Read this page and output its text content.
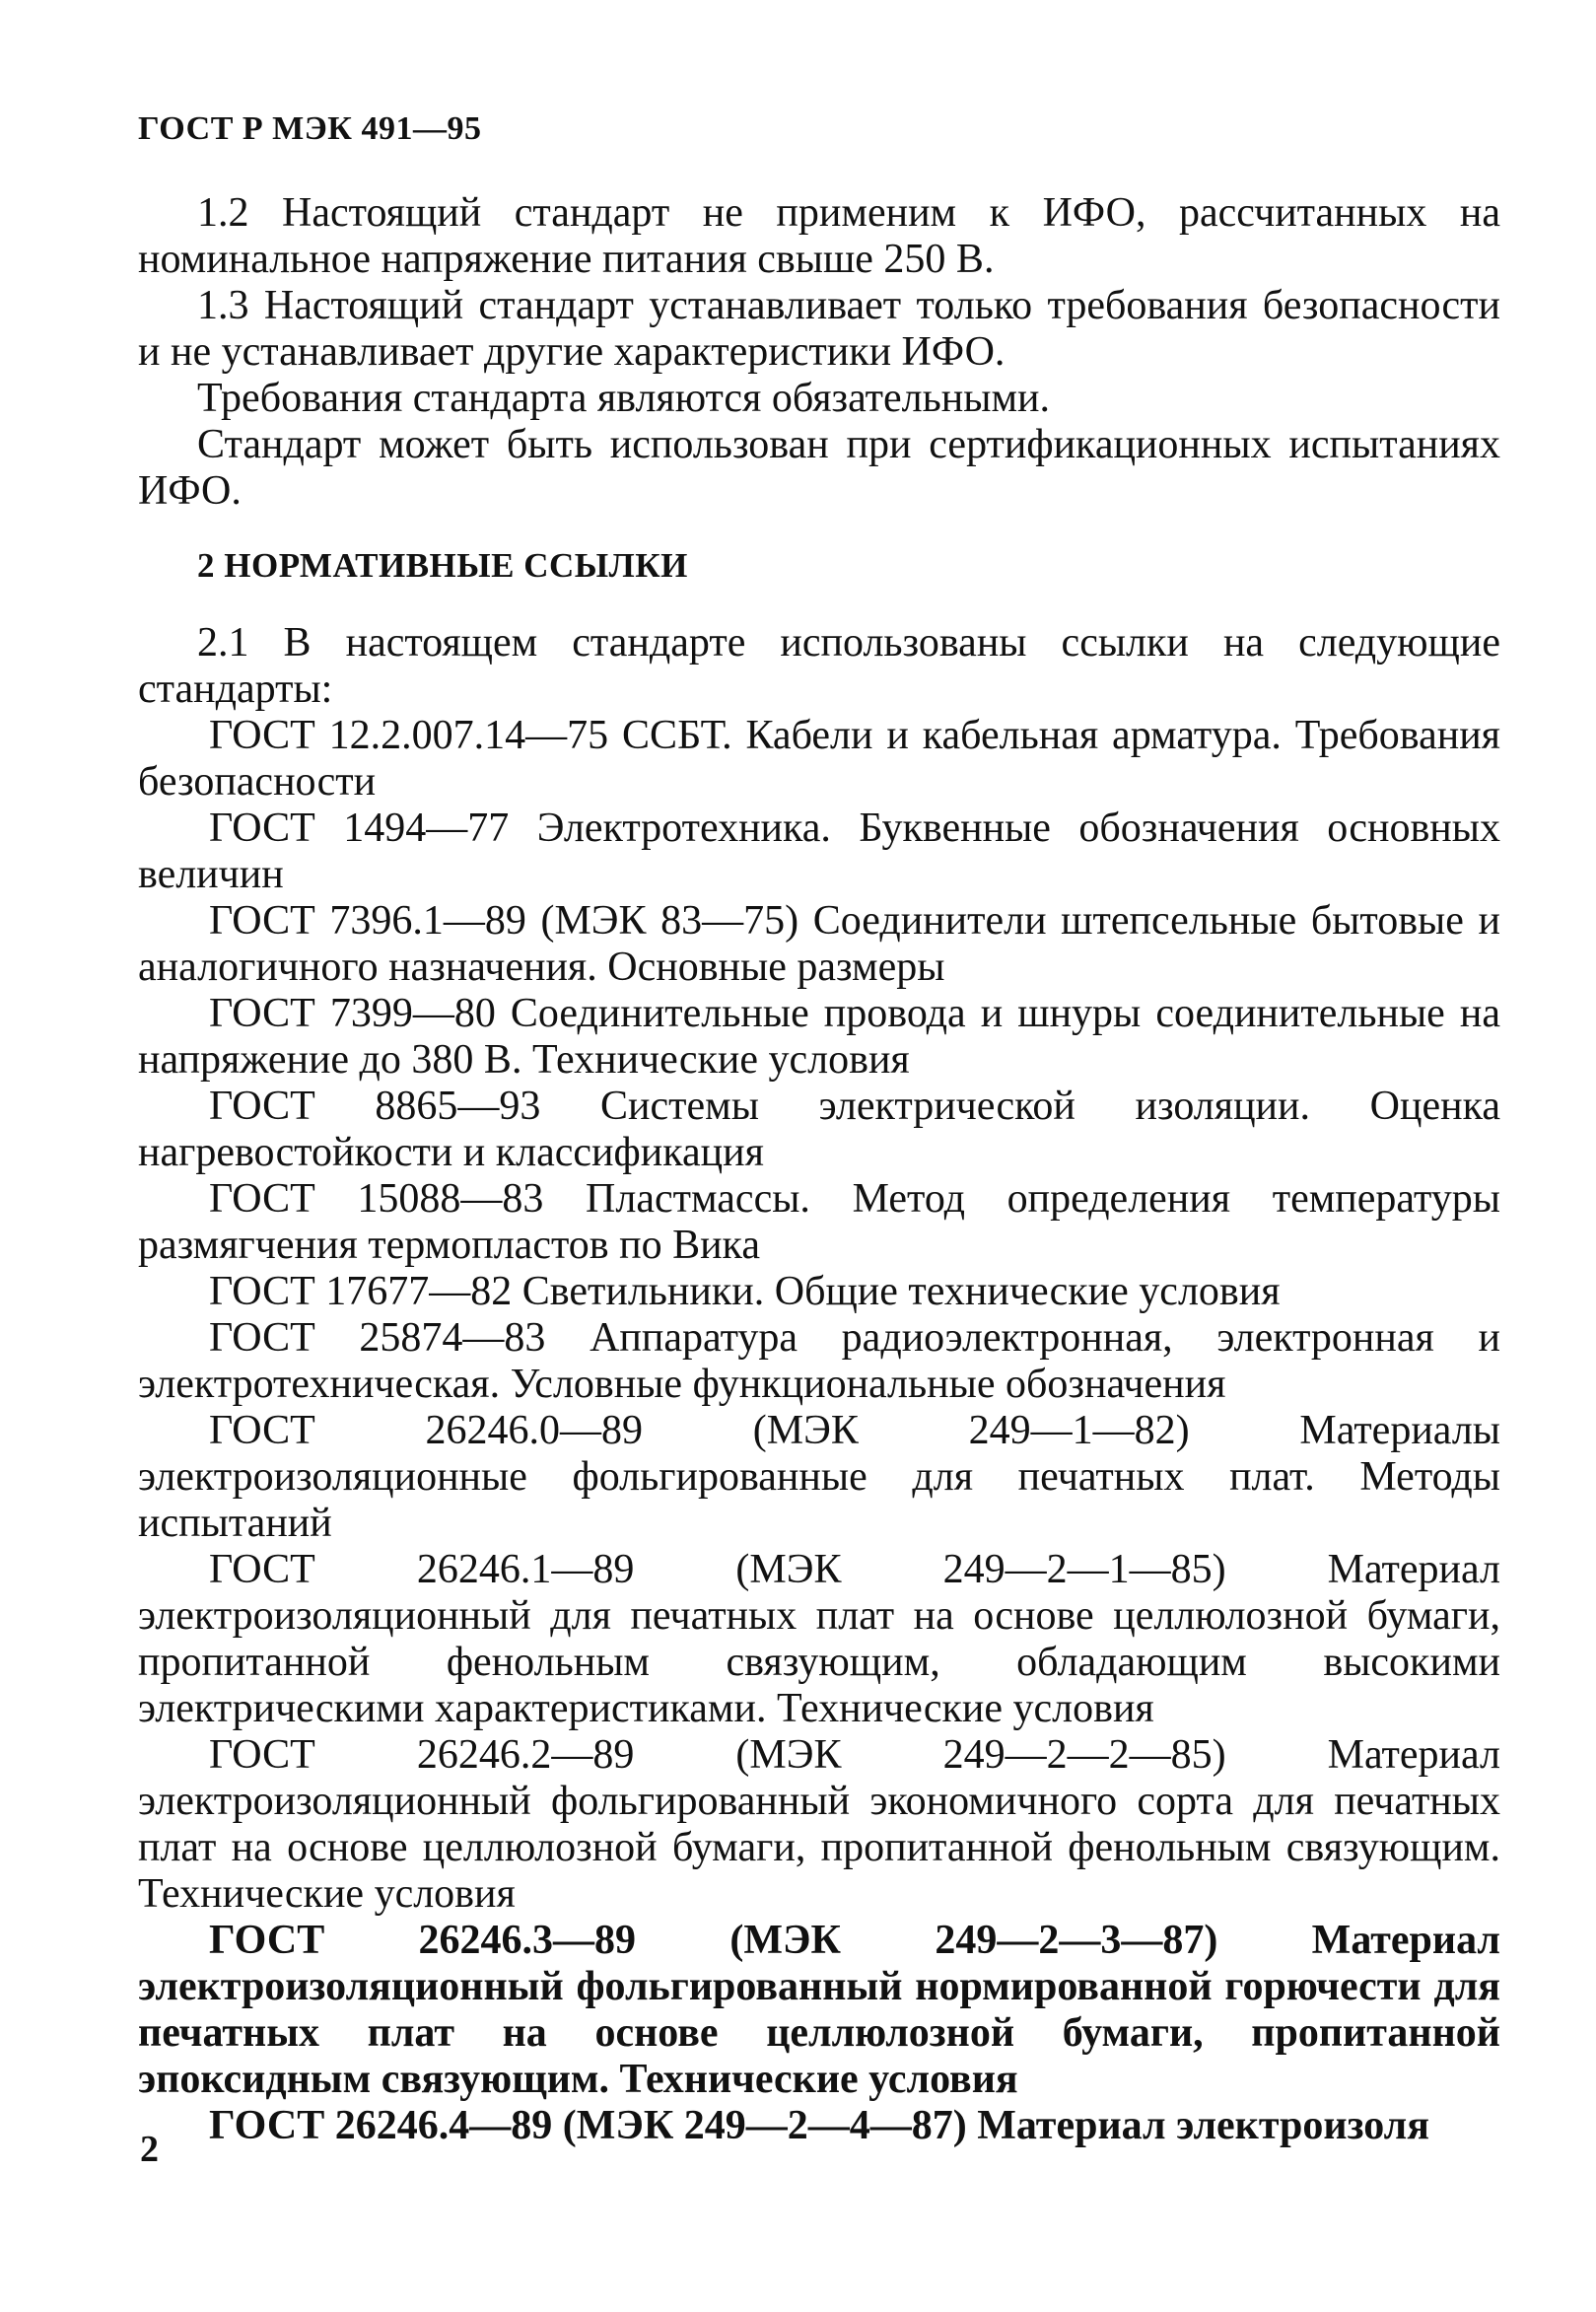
ГОСТ Р МЭК 491—95

1.2 Настоящий стандарт не применим к ИФО, рассчитанных на номинальное напряжение питания свыше 250 В.

1.3 Настоящий стандарт устанавливает только требования безопасности и не устанавливает другие характеристики ИФО.

Требования стандарта являются обязательными.

Стандарт может быть использован при сертификационных испытаниях ИФО.

2 НОРМАТИВНЫЕ ССЫЛКИ

2.1 В настоящем стандарте использованы ссылки на следующие стандарты:

ГОСТ 12.2.007.14—75 ССБТ. Кабели и кабельная арматура. Требования безопасности

ГОСТ 1494—77 Электротехника. Буквенные обозначения основных величин

ГОСТ 7396.1—89 (МЭК 83—75) Соединители штепсельные бытовые и аналогичного назначения. Основные размеры

ГОСТ 7399—80 Соединительные провода и шнуры соединительные на напряжение до 380 В. Технические условия

ГОСТ 8865—93 Системы электрической изоляции. Оценка нагревостойкости и классификация

ГОСТ 15088—83 Пластмассы. Метод определения температуры размягчения термопластов по Вика

ГОСТ 17677—82 Светильники. Общие технические условия

ГОСТ 25874—83 Аппаратура радиоэлектронная, электронная и электротехническая. Условные функциональные обозначения

ГОСТ 26246.0—89 (МЭК 249—1—82) Материалы электроизоляционные фольгированные для печатных плат. Методы испытаний

ГОСТ 26246.1—89 (МЭК 249—2—1—85) Материал электроизоляционный для печатных плат на основе целлюлозной бумаги, пропитанной фенольным связующим, обладающим высокими электрическими характеристиками. Технические условия

ГОСТ 26246.2—89 (МЭК 249—2—2—85) Материал электроизоляционный фольгированный экономичного сорта для печатных плат на основе целлюлозной бумаги, пропитанной фенольным связующим. Технические условия

ГОСТ 26246.3—89 (МЭК 249—2—3—87) Материал электроизоляционный фольгированный нормированной горючести для печатных плат на основе целлюлозной бумаги, пропитанной эпоксидным связующим. Технические условия

ГОСТ 26246.4—89 (МЭК 249—2—4—87) Материал электроизоля

2
